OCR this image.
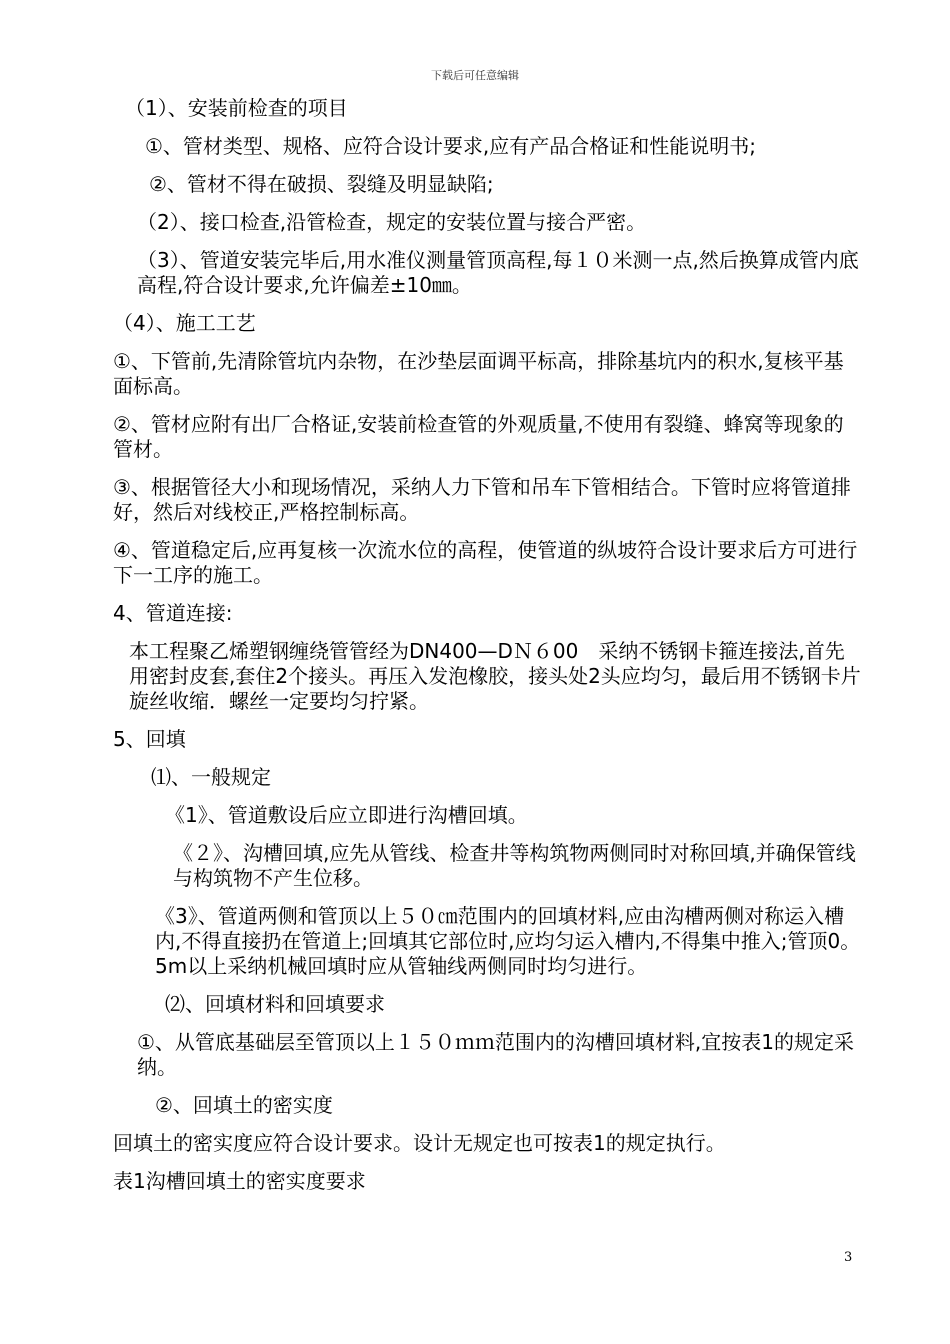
下载后可任意编辑

（1）、安装前检查的项目

①、管材类型、规格、应符合设计要求,应有产品合格证和性能说明书;

②、管材不得在破损、裂缝及明显缺陷;

（2）、接口检查,沿管检查，规定的安装位置与接合严密。

（3）、管道安装完毕后,用水准仪测量管顶高程,每１０米测一点,然后换算成管内底高程,符合设计要求,允许偏差±10㎜。

（4）、施工工艺

①、下管前,先清除管坑内杂物，在沙垫层面调平标高，排除基坑内的积水,复核平基面标高。

②、管材应附有出厂合格证,安装前检查管的外观质量,不使用有裂缝、蜂窝等现象的管材。

③、根据管径大小和现场情况，采纳人力下管和吊车下管相结合。下管时应将管道排好，然后对线校正,严格控制标高。

④、管道稳定后,应再复核一次流水位的高程，使管道的纵坡符合设计要求后方可进行下一工序的施工。

4、管道连接:

本工程聚乙烯塑钢缠绕管管经为DN400—DＮ６00　采纳不锈钢卡箍连接法,首先用密封皮套,套住2个接头。再压入发泡橡胶，接头处2头应均匀，最后用不锈钢卡片旋丝收缩．螺丝一定要均匀拧紧。

5、回填

⑴、一般规定

《1》、管道敷设后应立即进行沟槽回填。

《２》、沟槽回填,应先从管线、检查井等构筑物两侧同时对称回填,并确保管线与构筑物不产生位移。

《3》、管道两侧和管顶以上５０㎝范围内的回填材料,应由沟槽两侧对称运入槽内,不得直接扔在管道上;回填其它部位时,应均匀运入槽内,不得集中推入;管顶0。5m以上采纳机械回填时应从管轴线两侧同时均匀进行。

⑵、回填材料和回填要求

①、从管底基础层至管顶以上１５０ｍｍ范围内的沟槽回填材料,宜按表1的规定采纳。

②、回填土的密实度

回填土的密实度应符合设计要求。设计无规定也可按表1的规定执行。

表1沟槽回填土的密实度要求

3
